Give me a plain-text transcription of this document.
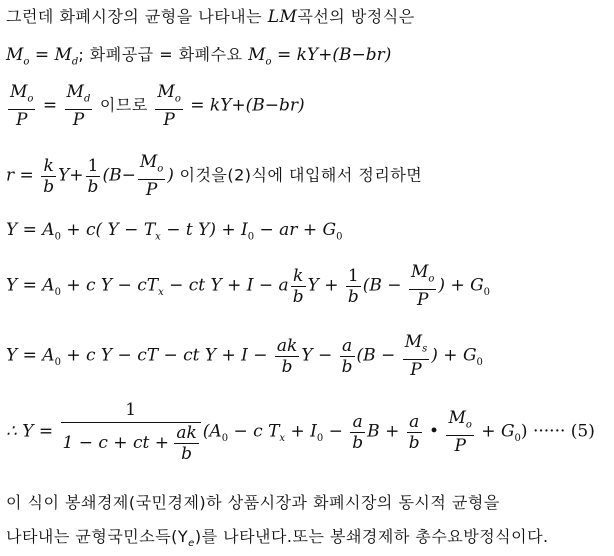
그런데 화폐시장의 균형을 나타내는 LM곡선의 방정식은
$M_o = M_d$; 화폐공급 = 화폐수요 $M_o = kY+(B-br)$
$\frac{M_o}{P} = \frac{M_d}{P}$ 이므로 $\frac{M_o}{P} = kY+(B-br)$
$r = \frac{k}{b} Y+ \frac{1}{b} (B- \frac{M_o}{P}$ ) 이것을(2)식에 대입해서 정리하면
$Y = A_0 + c$( $Y - T_x - t$ $Y) + I_0$ − ar + $G_0$
$Y = A_0 + c$ $Y - cT_x$ − ct Y + I − a $\frac{k}{b}$ $Y + \frac{1}{b} (B - \frac{M_o}{P}$ ) + $G_0$
$Y = A_0 + c$ Y − cT − ct $Y + I - \frac{ak}{b}$ $Y - \frac{a}{b} (B - \frac{M_s}{P}$ ) + $G_0$
∴ $Y = \frac{1}{1 - c + ct + \frac{ak}{b}} (A_0 - c$ $T_x + I_0 - \frac{a}{b}$ $B + \frac{a}{b}$ • $\frac{M_o}{P} + G_0$) ······ (5)
이 식이 봉쇄경제(국민경제)하 상품시장과 화폐시장의 동시적 균형을
나타내는 균형국민소득$(Y_e)$를 나타낸다.또는 봉쇄경제하 총수요방정식이다.
